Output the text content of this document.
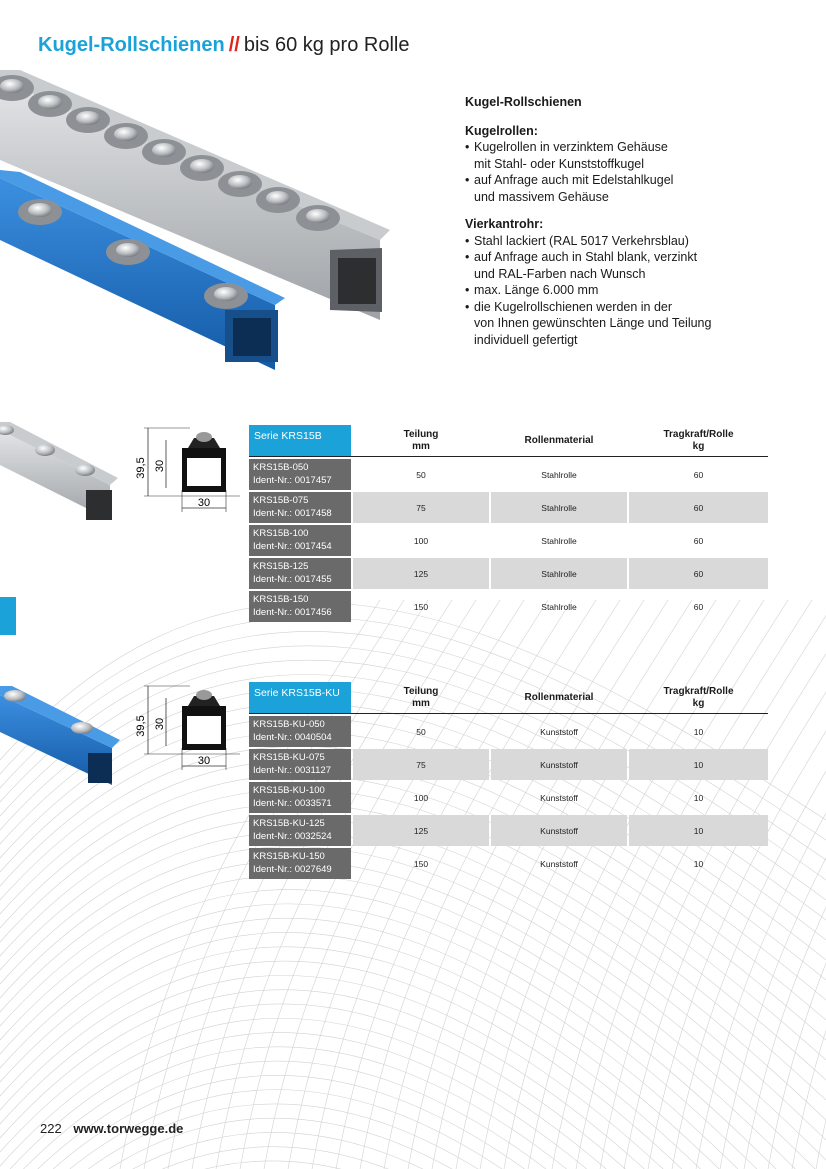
Kugel-Rollschienen // bis 60 kg pro Rolle
Kugel-Rollschienen
Kugelrollen:
• Kugelrollen in verzinktem Gehäuse
mit Stahl- oder Kunststoffkugel
• auf Anfrage auch mit Edelstahlkugel
und massivem Gehäuse
Vierkantrohr:
• Stahl lackiert (RAL 5017 Verkehrsblau)
• auf Anfrage auch in Stahl blank, verzinkt
und RAL-Farben nach Wunsch
• max. Länge 6.000 mm
• die Kugelrollschienen werden in der
von Ihnen gewünschten Länge und Teilung
individuell gefertigt
39,5 30
30
39,5 30
30
Serie KRS15B	Teilung
mm
Rollenmaterial
Tragkraft/Rolle
kg
KRS15B-050
Ident-Nr.: 0017457
50	Stahlrolle	60
KRS15B-075
Ident-Nr.: 0017458
75	Stahlrolle	60
KRS15B-100
Ident-Nr.: 0017454
100	Stahlrolle	60
KRS15B-125
Ident-Nr.: 0017455
125	Stahlrolle	60
KRS15B-150
Ident-Nr.: 0017456
150	Stahlrolle	60
Serie KRS15B-KU	Teilung
mm
Rollenmaterial
Tragkraft/Rolle
kg
KRS15B-KU-050
Ident-Nr.: 0040504
50	Kunststoff	10
KRS15B-KU-075
Ident-Nr.: 0031127
75	Kunststoff	10
KRS15B-KU-100
Ident-Nr.: 0033571
100	Kunststoff	10
KRS15B-KU-125
Ident-Nr.: 0032524
125	Kunststoff	10
KRS15B-KU-150
Ident-Nr.: 0027649
150	Kunststoff	10
222 www.torwegge.de
